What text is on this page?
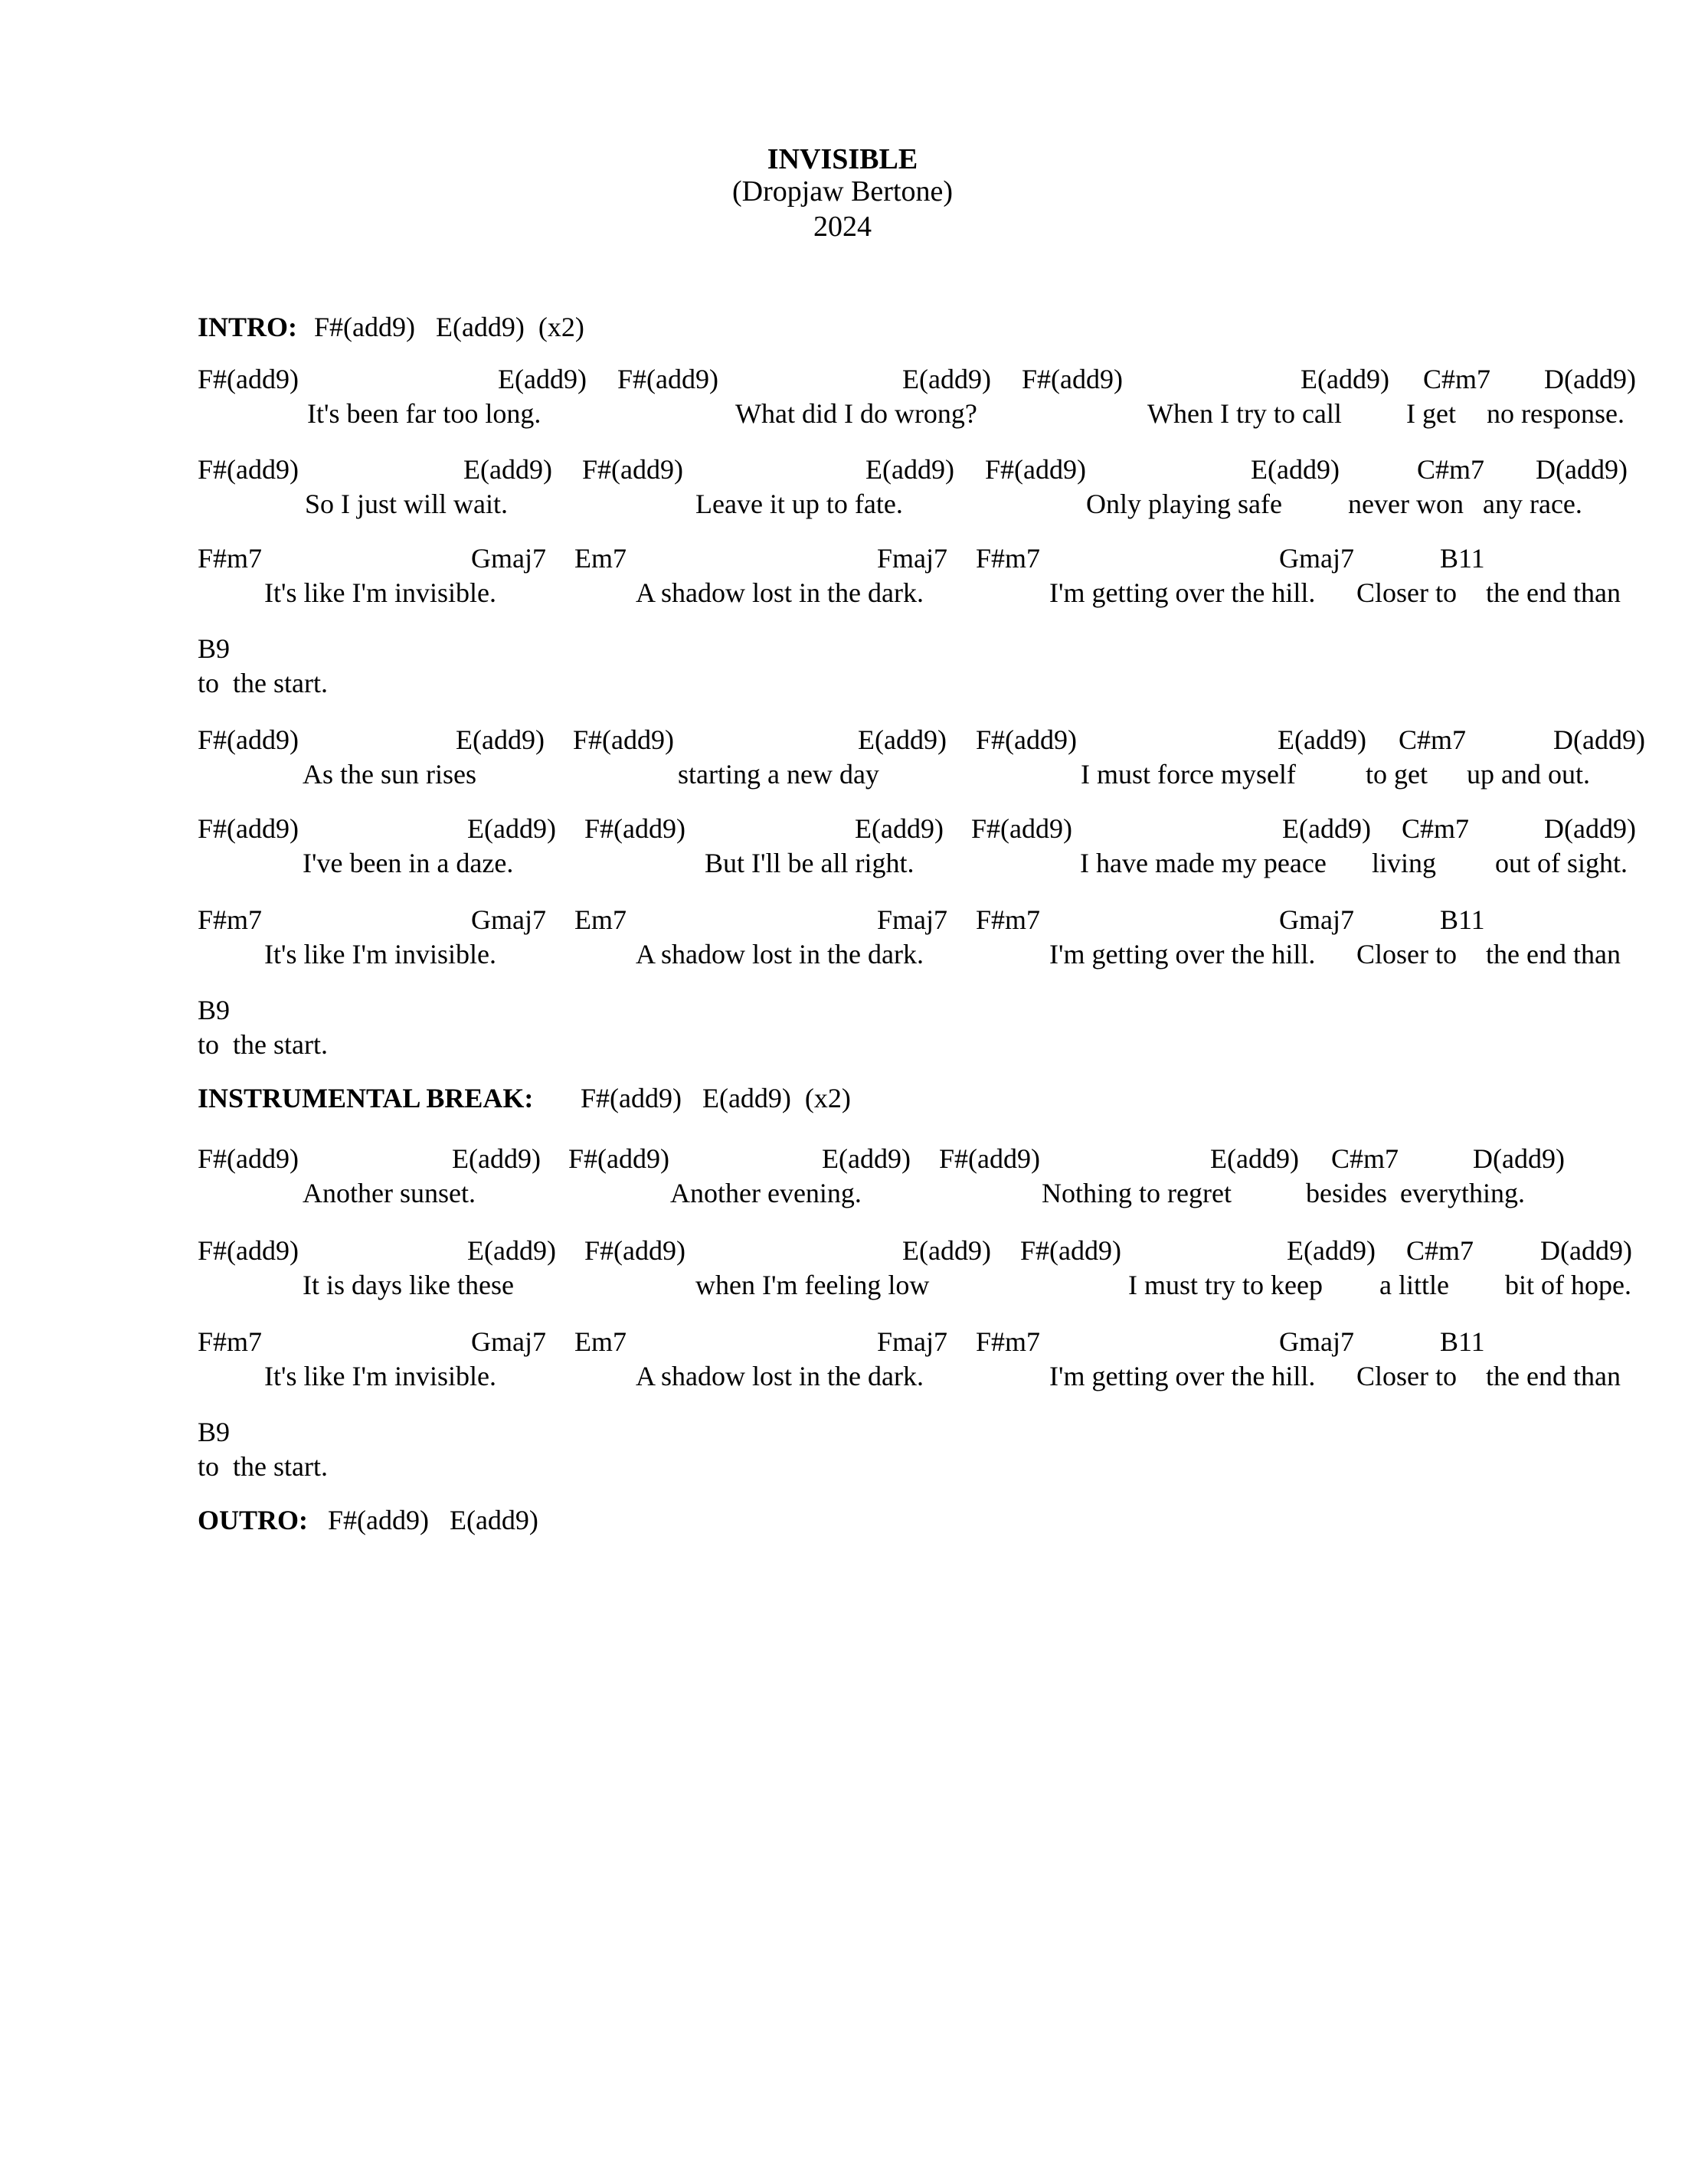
INVISIBLE
(Dropjaw Bertone)
2024

INTRO:

F#(add9)   E(add9)  (x2)

F#(add9)

	E(add9)

F#(add9)

	E(add9)

F#(add9)

	E(add9)

C#m7

D(add9)

It's been far too long.

	What did I do wrong?

	When I try to call

I get

no response.

F#(add9)

	E(add9)

F#(add9)

	E(add9)

F#(add9)

	E(add9)

	C#m7

D(add9)

So I just will wait.

	Leave it up to fate.

	Only playing safe

never won

any race.

F#m7

	Gmaj7

Em7

	Fmaj7

F#m7

	Gmaj7

	B11

It's like I'm invisible.

	A shadow lost in the dark.

	I'm getting over the hill.

Closer to

the end than

B9

to  the start.

F#(add9)

	E(add9)

F#(add9)

	E(add9)

F#(add9)

	E(add9)

C#m7

	D(add9)

As the sun rises

	starting a new day

	I must force myself

	to get

up and out.

F#(add9)

	E(add9)

F#(add9)

	E(add9)

F#(add9)

	E(add9)

C#m7

	D(add9)

I've been in a daze.

	But I'll be all right.

	I have made my peace

living

out of sight.

F#m7

	Gmaj7

Em7

	Fmaj7

F#m7

	Gmaj7

	B11

It's like I'm invisible.

	A shadow lost in the dark.

	I'm getting over the hill.

Closer to

the end than

B9

to  the start.

INSTRUMENTAL BREAK:

F#(add9)   E(add9)  (x2)

F#(add9)

	E(add9)

F#(add9)

	E(add9)

F#(add9)

	E(add9)

C#m7

	D(add9)

Another sunset.

	Another evening.

	Nothing to regret

	besides

everything.

F#(add9)

	E(add9)

F#(add9)

	E(add9)

F#(add9)

	E(add9)

C#m7

D(add9)

It is days like these

	when I'm feeling low

	I must try to keep

a little

bit of hope.

F#m7

	Gmaj7

Em7

	Fmaj7

F#m7

	Gmaj7

	B11

It's like I'm invisible.

	A shadow lost in the dark.

	I'm getting over the hill.

Closer to

the end than

B9

to  the start.

OUTRO:

F#(add9)   E(add9)
